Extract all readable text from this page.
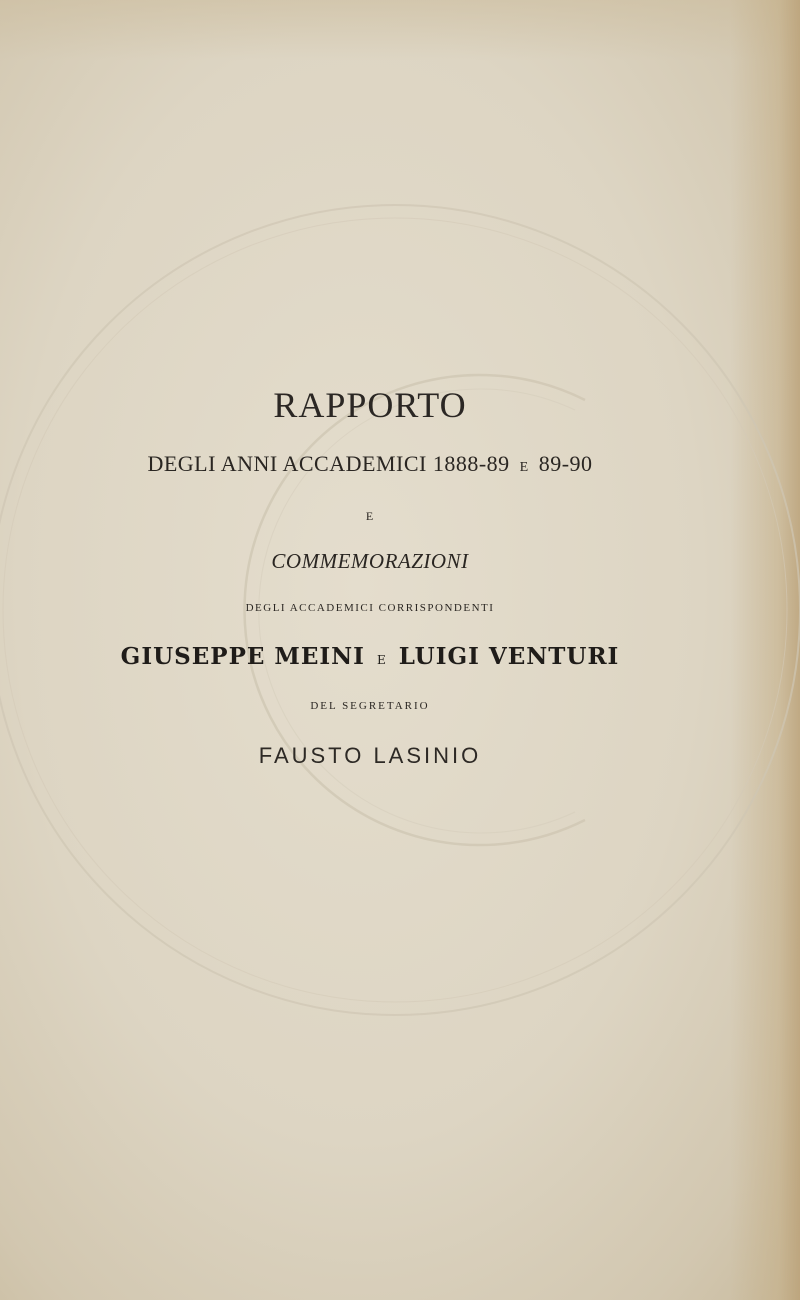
RAPPORTO
DEGLI ANNI ACCADEMICI 1888-89 E 89-90
E
COMMEMORAZIONI
DEGLI ACCADEMICI CORRISPONDENTI
GIUSEPPE MEINI E LUIGI VENTURI
DEL SEGRETARIO
FAUSTO LASINIO
